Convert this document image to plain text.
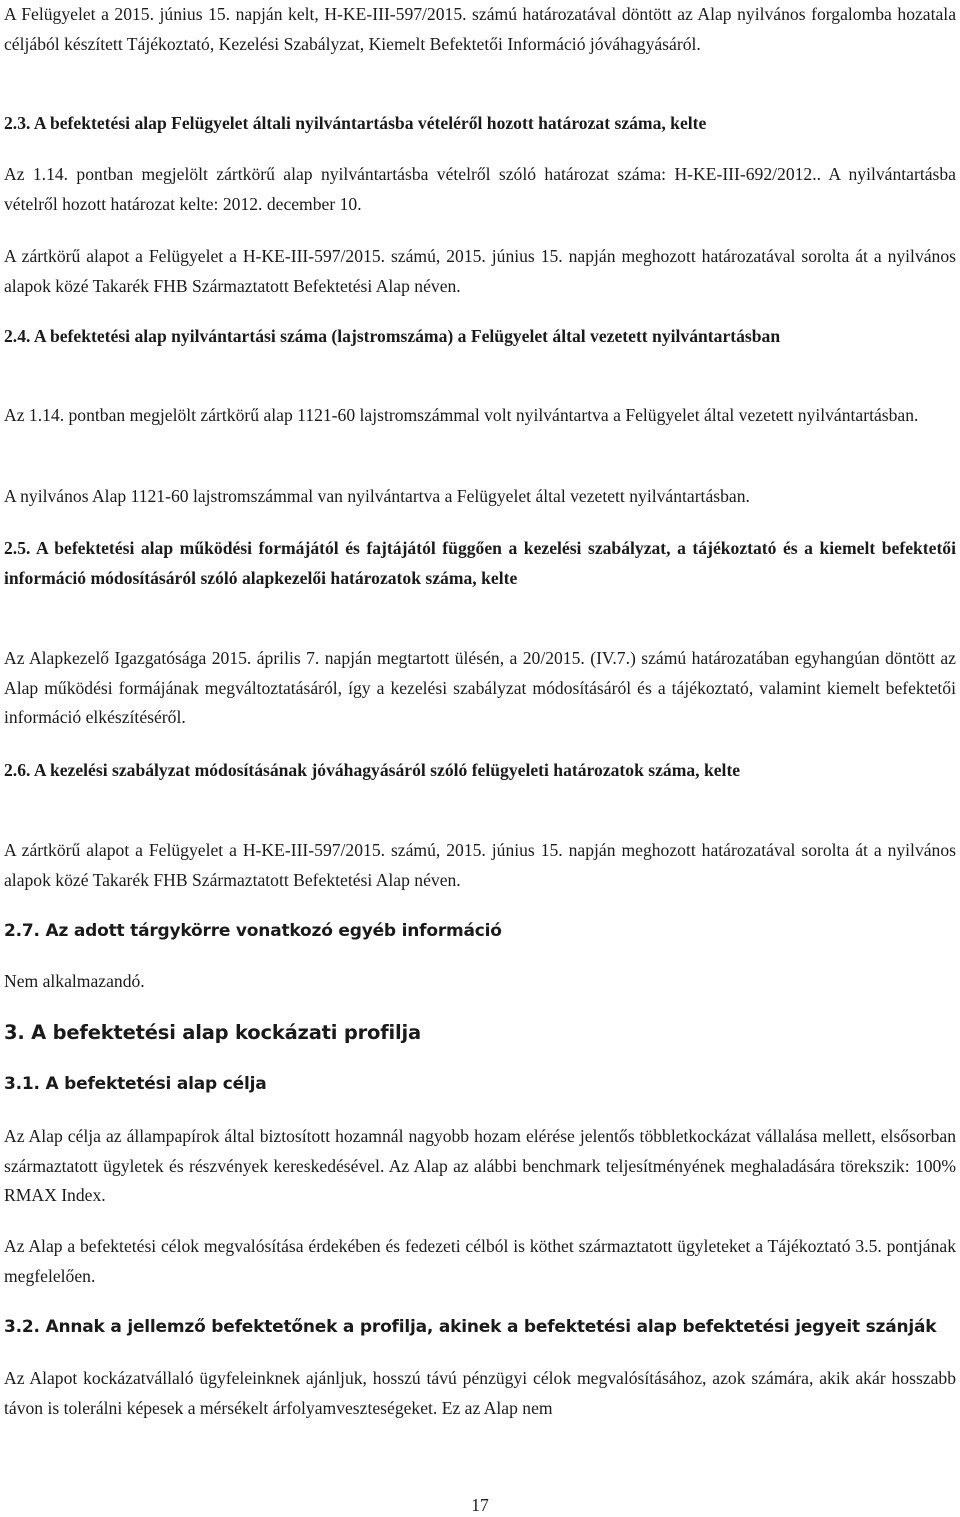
A Felügyelet a 2015. június 15. napján kelt, H-KE-III-597/2015. számú határozatával döntött az Alap nyilvános forgalomba hozatala céljából készített Tájékoztató, Kezelési Szabályzat, Kiemelt Befektetői Információ jóváhagyásáról.

2.3. A befektetési alap Felügyelet általi nyilvántartásba vételéről hozott határozat száma, kelte

Az 1.14. pontban megjelölt zártkörű alap nyilvántartásba vételről szóló határozat száma: H-KE-III-692/2012.. A nyilvántartásba vételről hozott határozat kelte: 2012. december 10.

A zártkörű alapot a Felügyelet a H-KE-III-597/2015. számú, 2015. június 15. napján meghozott határozatával sorolta át a nyilvános alapok közé Takarék FHB Származtatott Befektetési Alap néven.

2.4. A befektetési alap nyilvántartási száma (lajstromszáma) a Felügyelet által vezetett nyilvántartásban

Az 1.14. pontban megjelölt zártkörű alap 1121-60 lajstromszámmal volt nyilvántartva a Felügyelet által vezetett nyilvántartásban.

A nyilvános Alap 1121-60 lajstromszámmal van nyilvántartva a Felügyelet által vezetett nyilvántartásban.

2.5. A befektetési alap működési formájától és fajtájától függően a kezelési szabályzat, a tájékoztató és a kiemelt befektetői információ módosításáról szóló alapkezelői határozatok száma, kelte

Az Alapkezelő Igazgatósága 2015. április 7. napján megtartott ülésén, a 20/2015. (IV.7.) számú határozatában egyhangúan döntött az Alap működési formájának megváltoztatásáról, így a kezelési szabályzat módosításáról és a tájékoztató, valamint kiemelt befektetői információ elkészítéséről.

2.6. A kezelési szabályzat módosításának jóváhagyásáról szóló felügyeleti határozatok száma, kelte

A zártkörű alapot a Felügyelet a H-KE-III-597/2015. számú, 2015. június 15. napján meghozott határozatával sorolta át a nyilvános alapok közé Takarék FHB Származtatott Befektetési Alap néven.

2.7. Az adott tárgykörre vonatkozó egyéb információ

Nem alkalmazandó.

3. A befektetési alap kockázati profilja

3.1. A befektetési alap célja

Az Alap célja az állampapírok által biztosított hozamnál nagyobb hozam elérése jelentős többletkockázat vállalása mellett, elsősorban származtatott ügyletek és részvények kereskedésével. Az Alap az alábbi benchmark teljesítményének meghaladására törekszik: 100% RMAX Index.

Az Alap a befektetési célok megvalósítása érdekében és fedezeti célból is köthet származtatott ügyleteket a Tájékoztató 3.5. pontjának megfelelően.

3.2. Annak a jellemző befektetőnek a profilja, akinek a befektetési alap befektetési jegyeit szánják

Az Alapot kockázatvállaló ügyfeleinknek ajánljuk, hosszú távú pénzügyi célok megvalósításához, azok számára, akik akár hosszabb távon is tolerálni képesek a mérsékelt árfolyamveszteségeket. Ez az Alap nem

17
